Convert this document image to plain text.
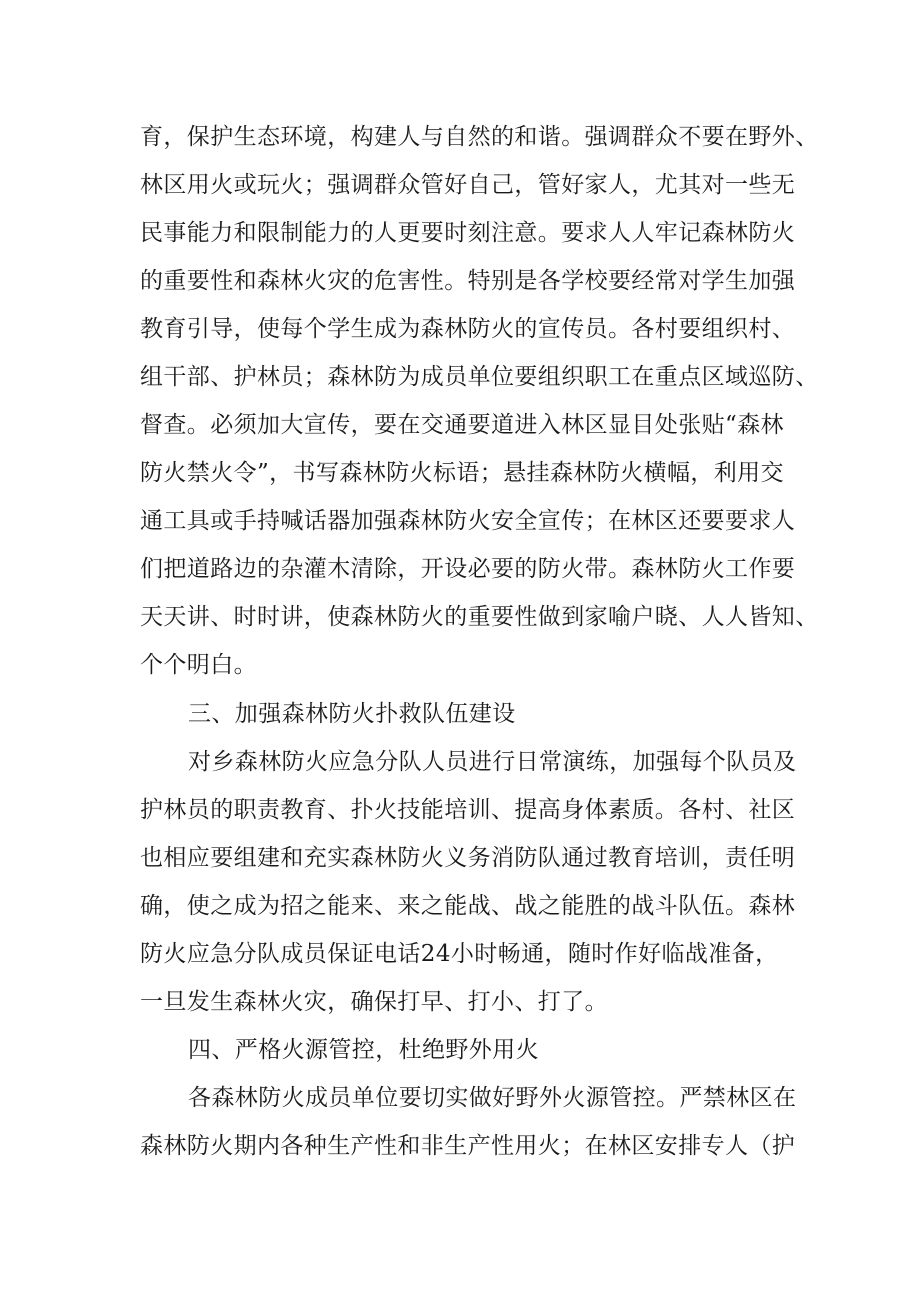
育，保护生态环境，构建人与自然的和谐。强调群众不要在野外、
林区用火或玩火；强调群众管好自己，管好家人，尤其对一些无
民事能力和限制能力的人更要时刻注意。要求人人牢记森林防火
的重要性和森林火灾的危害性。特别是各学校要经常对学生加强
教育引导，使每个学生成为森林防火的宣传员。各村要组织村、
组干部、护林员；森林防为成员单位要组织职工在重点区域巡防、
督查。必须加大宣传，要在交通要道进入林区显目处张贴“森林
防火禁火令”，书写森林防火标语；悬挂森林防火横幅，利用交
通工具或手持喊话器加强森林防火安全宣传；在林区还要要求人
们把道路边的杂灌木清除，开设必要的防火带。森林防火工作要
天天讲、时时讲，使森林防火的重要性做到家喻户晓、人人皆知、
个个明白。
三、加强森林防火扑救队伍建设
对乡森林防火应急分队人员进行日常演练，加强每个队员及
护林员的职责教育、扑火技能培训、提高身体素质。各村、社区
也相应要组建和充实森林防火义务消防队通过教育培训，责任明
确，使之成为招之能来、来之能战、战之能胜的战斗队伍。森林
防火应急分队成员保证电话24小时畅通，随时作好临战准备，
一旦发生森林火灾，确保打早、打小、打了。
四、严格火源管控，杜绝野外用火
各森林防火成员单位要切实做好野外火源管控。严禁林区在
森林防火期内各种生产性和非生产性用火；在林区安排专人（护
